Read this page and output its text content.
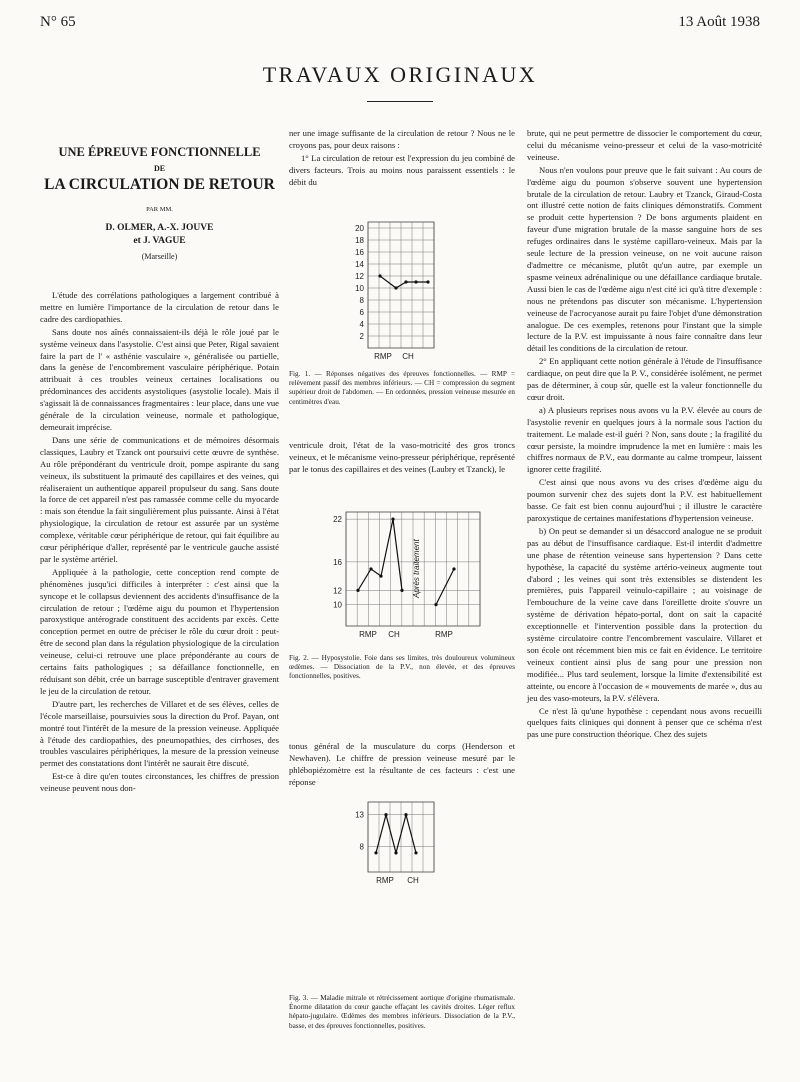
N° 65	13 Août 1938
TRAVAUX ORIGINAUX
UNE ÉPREUVE FONCTIONNELLE
DE
LA CIRCULATION DE RETOUR
PAR MM.
D. OLMER, A.-X. JOUVE
et J. VAGUE
(Marseille)

L'étude des corrélations pathologiques a largement contribué à mettre en lumière l'importance de la circulation de retour dans le cadre des cardiopathies.

Sans doute nos aînés connaissaient-ils déjà le rôle joué par le système veineux dans l'asystolie. C'est ainsi que Peter, Rigal savaient faire la part de l' « asthénie vasculaire », généralisée ou partielle, dans la genèse de l'encombrement vasculaire périphérique. Potain attribuait à ces troubles veineux certaines localisations ou prédominances des accidents asystoliques (asystolie locale). Mais il s'agissait là de connaissances fragmentaires : leur place, dans une vue générale de la circulation veineuse, normale et pathologique, demeurait imprécise.

Dans une série de communications et de mémoires désormais classiques, Laubry et Tzanck ont poursuivi cette œuvre de synthèse. Au rôle prépondérant du ventricule droit, pompe aspirante du sang veineux, ils substituent la primauté des capillaires et des veines, qui réaliseraient un authentique appareil propulseur du sang. Sans doute la force de cet appareil n'est pas ramassée comme celle du myocarde : mais son étendue la fait singulièrement plus puissante. Ainsi à l'état physiologique, la circulation de retour est assurée par un système complexe, véritable cœur périphérique de retour, qui fait équilibre au cœur périphérique d'aller, représenté par le ventricule gauche assisté par le système artériel.

Appliquée à la pathologie, cette conception rend compte de phénomènes jusqu'ici difficiles à interpréter : c'est ainsi que la syncope et le collapsus deviennent des accidents d'insuffisance de la circulation de retour ; l'œdème aigu du poumon et l'hypertension paroxystique antérograde constituent des accidents par excès. Cette conception permet en outre de préciser le rôle du cœur droit : peut-être de second plan dans la régulation physiologique de la circulation veineuse, celui-ci retrouve une place prépondérante au cours de certains faits pathologiques ; sa défaillance fonctionnelle, en réduisant son débit, crée un barrage susceptible d'entraver gravement le jeu de la circulation de retour.

D'autre part, les recherches de Villaret et de ses élèves, celles de l'école marseillaise, poursuivies sous la direction du Prof. Payan, ont montré tout l'intérêt de la mesure de la pression veineuse. Appliquée à l'étude des cardiopathies, des pneumopathies, des cirrhoses, des troubles vasculaires périphériques, la mesure de la pression veineuse permet des constatations dont l'intérêt ne saurait être discuté.

Est-ce à dire qu'en toutes circonstances, les chiffres de pression veineuse peuvent nous don-

ner une image suffisante de la circulation de retour ? Nous ne le croyons pas, pour deux raisons :

1° La circulation de retour est l'expression du jeu combiné de divers facteurs. Trois au moins nous paraissent essentiels : le débit du

2
4
6
8
10
12
14
16
18
20
RMP CH
Fig. 1. — Réponses négatives des épreuves fonctionnelles. — RMP = relèvement passif des membres inférieurs. — CH = compression du segment supérieur droit de l'abdomen. — En ordonnées, pression veineuse mesurée en centimètres d'eau.

ventricule droit, l'état de la vaso-motricité des gros troncs veineux, et le mécanisme veino-presseur périphérique, représenté par le tonus des capillaires et des veines (Laubry et Tzanck), le

10
12
16
22
RMP CH	RMP
Après traitement
Fig. 2. — Hyposystolie. Foie dans ses limites, très douloureux volumineux œdèmes. — Dissociation de la P.V., non élevée, et des épreuves fonctionnelles, positives.

tonus général de la musculature du corps (Henderson et Newhaven). Le chiffre de pression veineuse mesuré par le phlébopiézomètre est la résultante de ces facteurs : c'est une réponse

8
13
RMP CH
Fig. 3. — Maladie mitrale et rétrécissement aortique d'origine rhumatismale. Énorme dilatation du cœur gauche effaçant les cavités droites. Léger reflux hépato-jugulaire. Œdèmes des membres inférieurs. Dissociation de la P.V., basse, et des épreuves fonctionnelles, positives.

brute, qui ne peut permettre de dissocier le comportement du cœur, celui du mécanisme veino-presseur et celui de la vaso-motricité veineuse.

Nous n'en voulons pour preuve que le fait suivant : Au cours de l'œdème aigu du poumon s'observe souvent une hypertension brutale de la circulation de retour. Laubry et Tzanck, Giraud-Costa ont illustré cette notion de faits cliniques démonstratifs. Comment se produit cette hypertension ? De bons arguments plaident en faveur d'une migration brutale de la masse sanguine hors de ses refuges ordinaires dans le système capillaro-veineux. Mais par la seule lecture de la pression veineuse, on ne voit aucune raison d'admettre ce mécanisme, plutôt qu'un autre, par exemple un spasme veineux adrénalinique ou une défaillance cardiaque brutale. Aussi bien le cas de l'œdème aigu n'est cité ici qu'à titre d'exemple : nous ne prétendons pas discuter son mécanisme. L'hypertension veineuse de l'acrocyanose aurait pu faire l'objet d'une démonstration analogue. De ces exemples, retenons pour l'instant que la simple lecture de la P.V. est impuissante à nous faire connaître dans leur détail les conditions de la circulation de retour.

2° En appliquant cette notion générale à l'étude de l'insuffisance cardiaque, on peut dire que la P. V., considérée isolément, ne permet pas de déterminer, à coup sûr, quelle est la valeur fonctionnelle du cœur droit.

a) A plusieurs reprises nous avons vu la P.V. élevée au cours de l'asystolie revenir en quelques jours à la normale sous l'action du traitement. Le malade est-il guéri ? Non, sans doute ; la fragilité du cœur persiste, la moindre imprudence la met en lumière : mais les chiffres normaux de P.V., eau dormante au calme trompeur, laissent ignorer cette fragilité.

C'est ainsi que nous avons vu des crises d'œdème aigu du poumon survenir chez des sujets dont la P.V. est habituellement basse. Ce fait est bien connu aujourd'hui ; il illustre le caractère paroxystique de certaines manifestations d'hypertension veineuse.

b) On peut se demander si un désaccord analogue ne se produit pas au début de l'insuffisance cardiaque. Est-il interdit d'admettre une phase de rétention veineuse sans hypertension ? Dans cette hypothèse, la capacité du système artério-veineux augmente tout d'abord ; les veines qui sont très extensibles se distendent les premières, puis l'appareil veinulo-capillaire ; au voisinage de l'embouchure de la veine cave dans l'oreillette droite s'ouvre un système de dérivation hépato-portal, dont on sait la capacité exceptionnelle et l'intervention possible dans la protection du système circulatoire contre l'encombrement vasculaire. Villaret et son école ont récemment bien mis ce fait en évidence. Le territoire veineux contient ainsi plus de sang pour une pression non modifiée... Plus tard seulement, lorsque la limite d'extensibilité est atteinte, ou encore à l'occasion de « mouvements de marée », dus au jeu des vaso-moteurs, la P.V. s'élèvera.

Ce n'est là qu'une hypothèse : cependant nous avons recueilli quelques faits cliniques qui donnent à penser que ce schéma n'est pas une pure construction théorique. Chez des sujets
